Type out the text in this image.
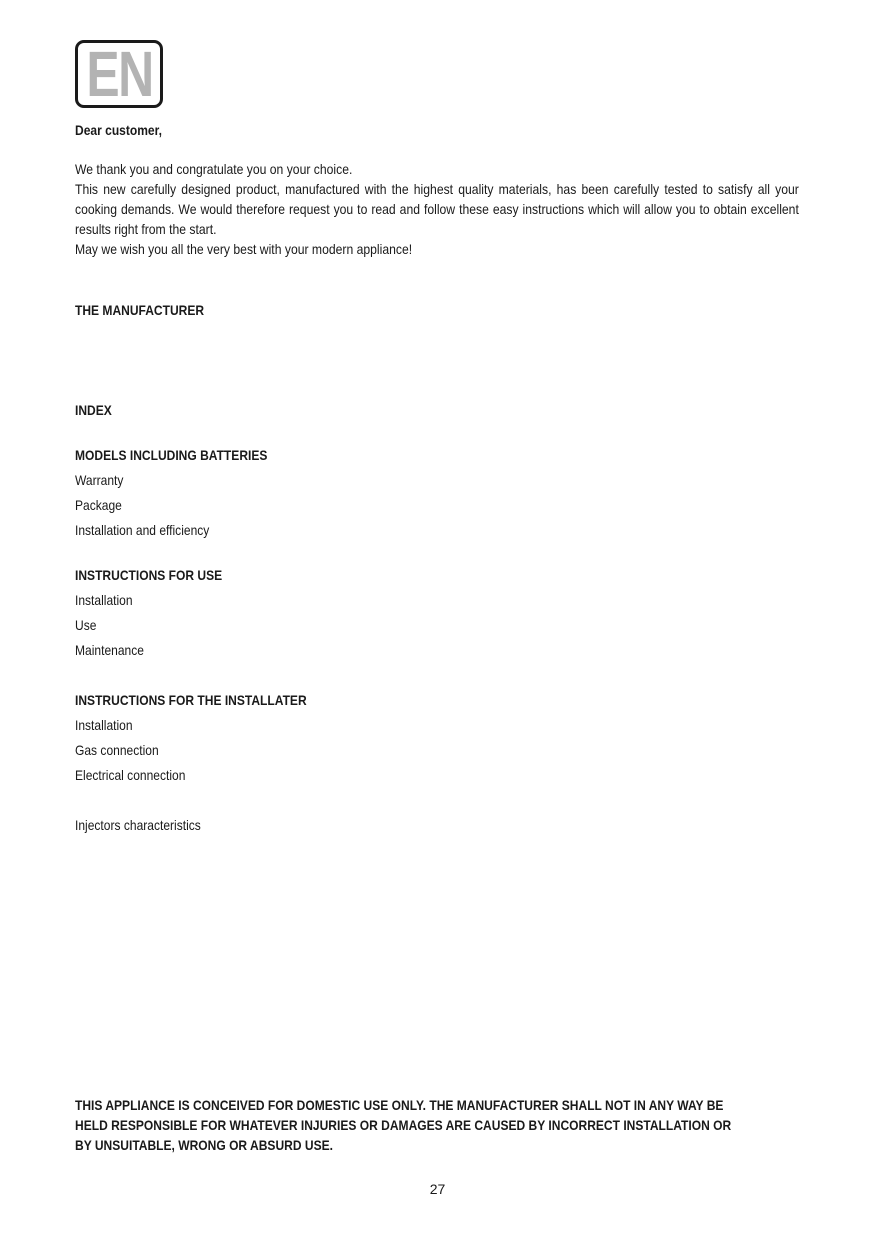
EN
Dear customer,

We thank you and congratulate you on your choice.

This new carefully designed product, manufactured with the highest quality materials, has been carefully tested to satisfy all your cooking demands. We would therefore request you to read and follow these easy instructions which will allow you to obtain excellent results right from the start.

May we wish you all the very best with your modern appliance!

THE MANUFACTURER
INDEX
MODELS INCLUDING BATTERIES
Warranty
Package
Installation and efficiency
INSTRUCTIONS FOR USE
Installation
Use
Maintenance
INSTRUCTIONS FOR THE INSTALLATER
Installation
Gas connection
Electrical connection
Injectors characteristics
THIS APPLIANCE IS CONCEIVED FOR DOMESTIC USE ONLY. THE MANUFACTURER SHALL NOT IN ANY WAY BE
HELD RESPONSIBLE FOR WHATEVER INJURIES OR DAMAGES ARE CAUSED BY INCORRECT INSTALLATION OR
BY UNSUITABLE, WRONG OR ABSURD USE.
27
